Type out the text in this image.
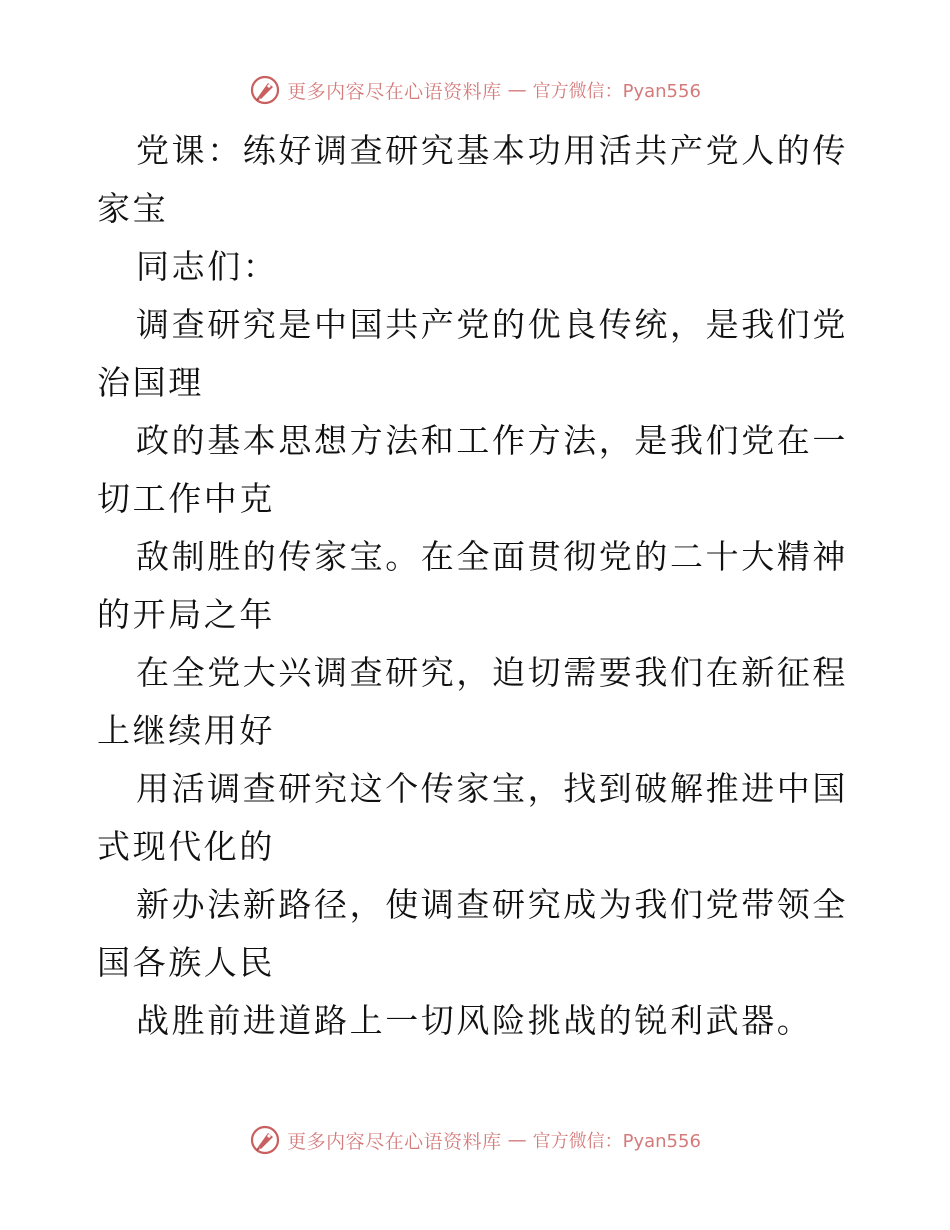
更多内容尽在心语资料库 — 官方微信：Pyan556

党课：练好调查研究基本功用活共产党人的传家宝

同志们：

调查研究是中国共产党的优良传统，是我们党治国理

政的基本思想方法和工作方法，是我们党在一切工作中克

敌制胜的传家宝。在全面贯彻党的二十大精神的开局之年

在全党大兴调查研究，迫切需要我们在新征程上继续用好

用活调查研究这个传家宝，找到破解推进中国式现代化的

新办法新路径，使调查研究成为我们党带领全国各族人民

战胜前进道路上一切风险挑战的锐利武器。

更多内容尽在心语资料库 — 官方微信：Pyan556
